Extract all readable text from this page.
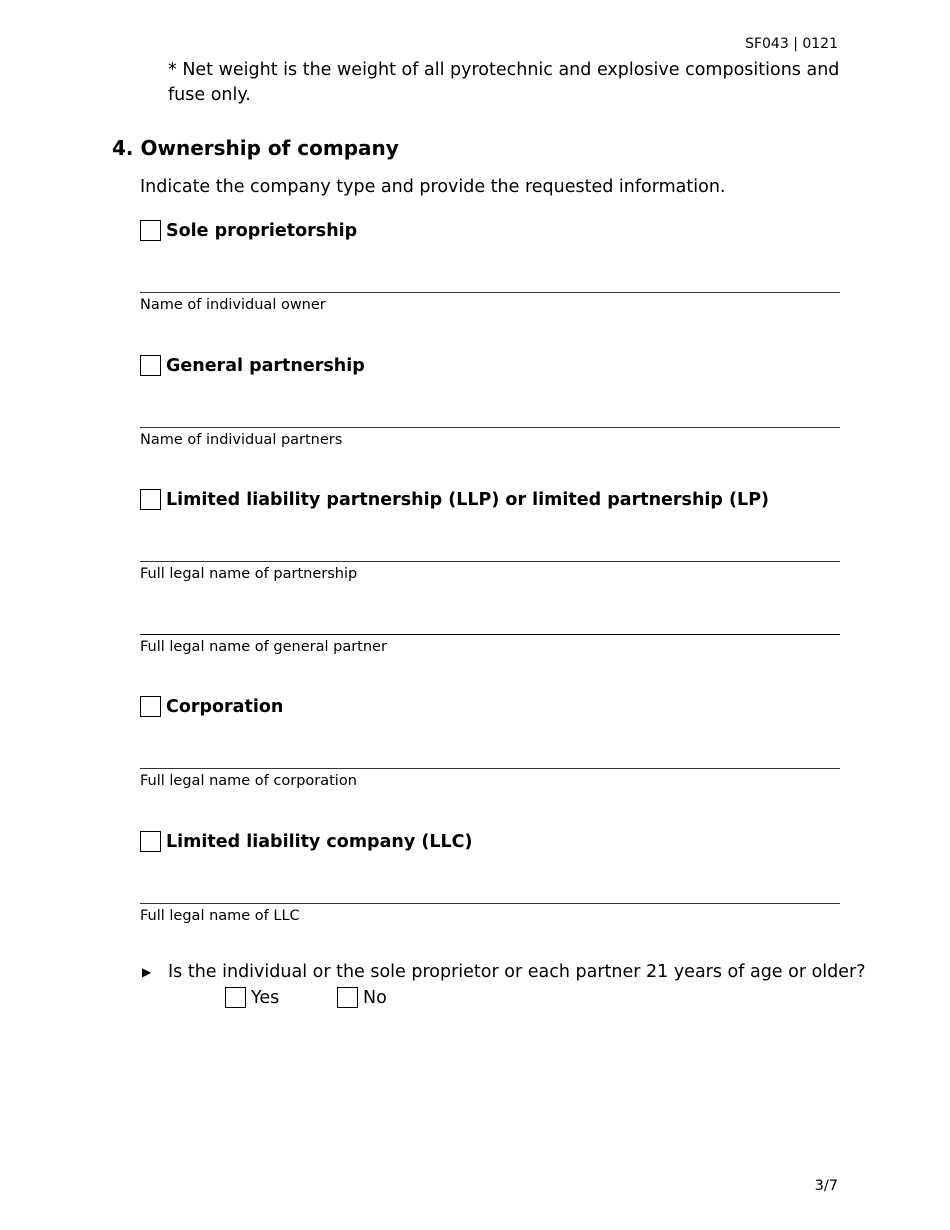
SF043 | 0121
* Net weight is the weight of all pyrotechnic and explosive compositions and fuse only.
4. Ownership of company
Indicate the company type and provide the requested information.
Sole proprietorship
Name of individual owner
General partnership
Name of individual partners
Limited liability partnership (LLP) or limited partnership (LP)
Full legal name of partnership
Full legal name of general partner
Corporation
Full legal name of corporation
Limited liability company (LLC)
Full legal name of LLC
▶ Is the individual or the sole proprietor or each partner 21 years of age or older?
Yes	No
3/7
